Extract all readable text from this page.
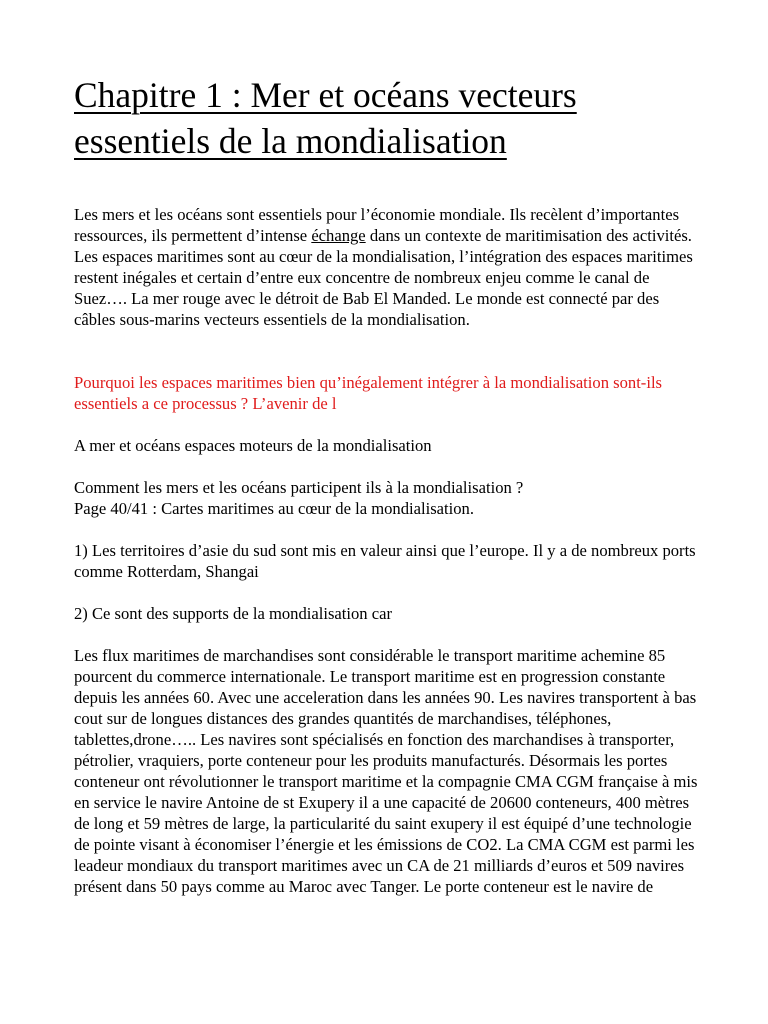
Chapitre 1 : Mer et océans vecteurs essentiels de la mondialisation

Les mers et les océans sont essentiels pour l’économie mondiale. Ils recèlent d’importantes ressources, ils permettent d’intense échange dans un contexte de maritimisation des activités. Les espaces maritimes sont au cœur de la mondialisation, l’intégration des espaces maritimes restent inégales et certain d’entre eux concentre de nombreux enjeu comme le canal de Suez…. La mer rouge avec le détroit de Bab El Manded. Le monde est connecté par des câbles sous-marins vecteurs essentiels de la mondialisation.

Pourquoi les espaces maritimes bien qu’inégalement intégrer à la mondialisation sont-ils essentiels a ce processus ? L’avenir de l

A mer et océans espaces moteurs de la mondialisation

Comment les mers et les océans participent ils à la mondialisation ?

Page 40/41 : Cartes maritimes au cœur de la mondialisation.

1) Les territoires d’asie du sud sont mis en valeur ainsi que l’europe. Il y a de nombreux ports comme Rotterdam, Shangai

2) Ce sont des supports de la mondialisation car

Les flux maritimes de marchandises sont considérable le transport maritime achemine 85 pourcent du commerce internationale. Le transport maritime est en progression constante depuis les années 60. Avec une acceleration dans les années 90. Les navires transportent à bas cout sur de longues distances des grandes quantités de marchandises, téléphones, tablettes,drone….. Les navires sont spécialisés en fonction des marchandises à transporter, pétrolier, vraquiers, porte conteneur pour les produits manufacturés. Désormais les portes conteneur ont révolutionner le transport maritime et la compagnie CMA CGM française à mis en service le navire Antoine de st Exupery il a une capacité de 20600 conteneurs, 400 mètres de long et 59 mètres de large, la particularité du saint exupery il est équipé d’une technologie de pointe visant à économiser l’énergie et les émissions de CO2. La CMA CGM est parmi les leadeur mondiaux du transport maritimes avec un CA de 21 milliards d’euros et 509 navires présent dans 50 pays comme au Maroc avec Tanger. Le porte conteneur est le navire de
